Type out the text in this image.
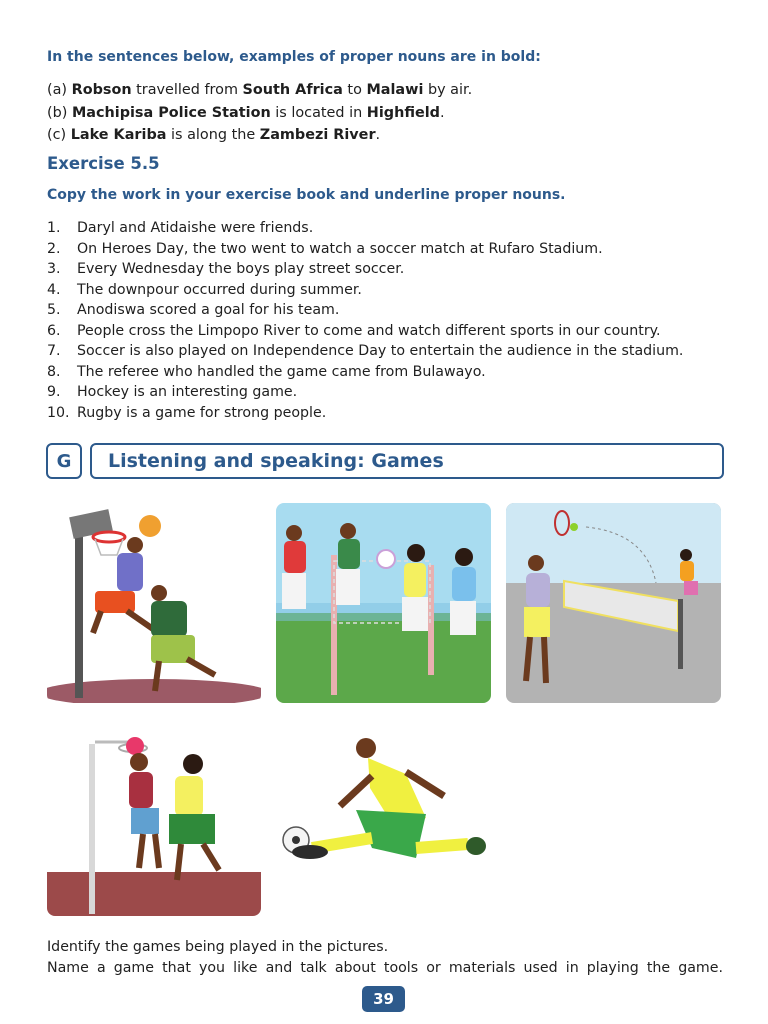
In the sentences below, examples of proper nouns are in bold:
(a) Robson travelled from South Africa to Malawi by air.
(b) Machipisa Police Station is located in Highfield.
(c) Lake Kariba is along the Zambezi River.
Exercise 5.5
Copy the work in your exercise book and underline proper nouns.
1.	Daryl and Atidaishe were friends.
2.	On Heroes Day, the two went to watch a soccer match at Rufaro Stadium.
3.	Every Wednesday the boys play street soccer.
4.	The downpour occurred during summer.
5.	Anodiswa scored a goal for his team.
6.	People cross the Limpopo River to come and watch different sports in our country.
7.	Soccer is also played on Independence Day to entertain the audience in the stadium.
8.	The referee who handled the game came from Bulawayo.
9.	Hockey is an interesting game.
10. Rugby is a game for strong people.
G	Listening and speaking: Games
Identify the games being played in the pictures.
Name a game that you like and talk about tools or materials used in playing the game.
39
